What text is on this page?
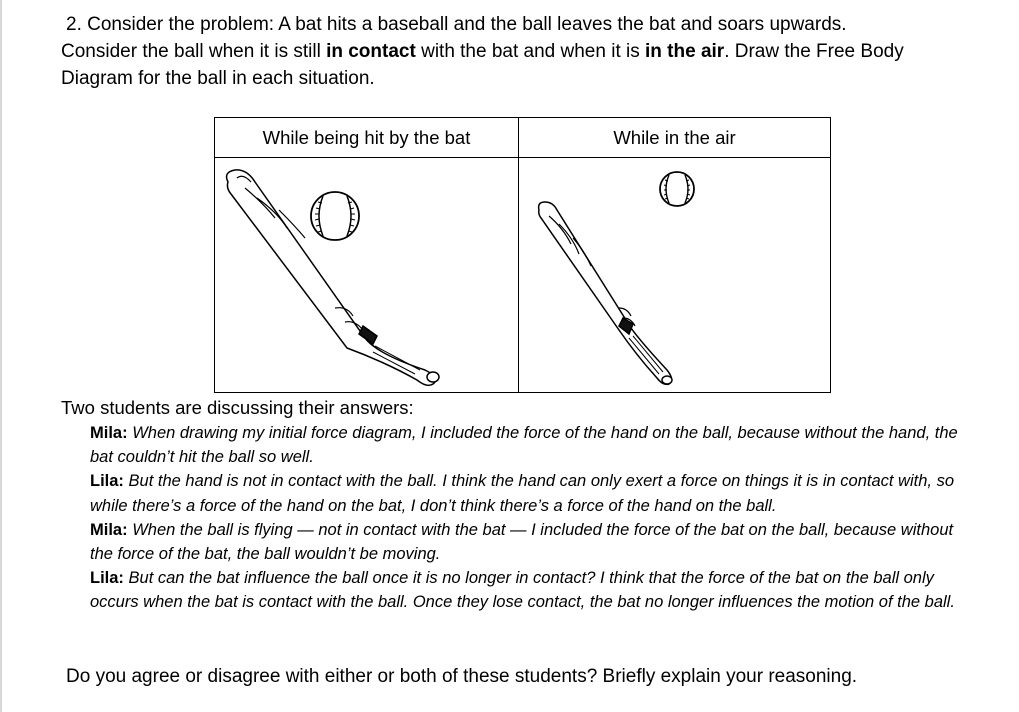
2. Consider the problem: A bat hits a baseball and the ball leaves the bat and soars upwards.
Consider the ball when it is still in contact with the bat and when it is in the air. Draw the Free Body
Diagram for the ball in each situation.
While being hit by the bat	While in the air
Two students are discussing their answers:

Mila: When drawing my initial force diagram, I included the force of the hand on the ball, because without the hand, the bat couldn’t hit the ball so well.

Lila: But the hand is not in contact with the ball. I think the hand can only exert a force on things it is in contact with, so while there’s a force of the hand on the bat, I don’t think there’s a force of the hand on the ball.

Mila: When the ball is flying — not in contact with the bat — I included the force of the bat on the ball, because without the force of the bat, the ball wouldn’t be moving.

Lila: But can the bat influence the ball once it is no longer in contact? I think that the force of the bat on the ball only occurs when the bat is contact with the ball. Once they lose contact, the bat no longer influences the motion of the ball.

Do you agree or disagree with either or both of these students? Briefly explain your reasoning.
